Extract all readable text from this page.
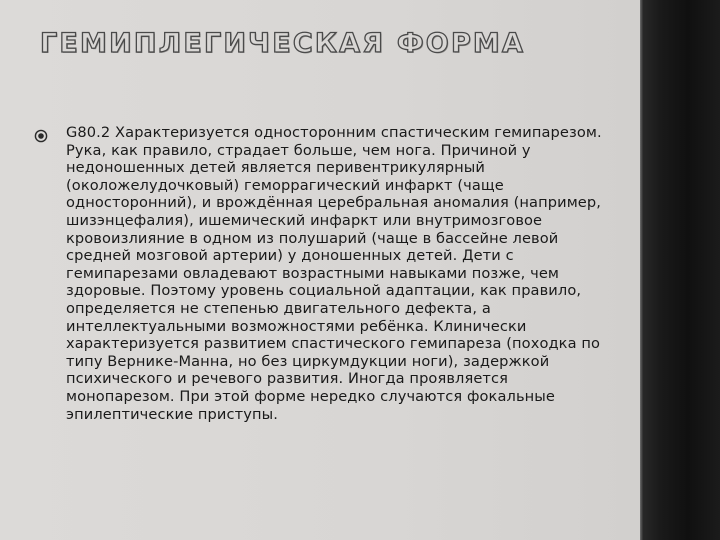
ГЕМИПЛЕГИЧЕСКАЯ ФОРМА

G80.2 Характеризуется односторонним спастическим гемипарезом. Рука, как правило, страдает больше, чем нога. Причиной у недоношенных детей является перивентрикулярный (околожелудочковый) геморрагический инфаркт (чаще односторонний), и врождённая церебральная аномалия (например, шизэнцефалия), ишемический инфаркт или внутримозговое кровоизлияние в одном из полушарий (чаще в бассейне левой средней мозговой артерии) у доношенных детей. Дети с гемипарезами овладевают возрастными навыками позже, чем здоровые. Поэтому уровень социальной адаптации, как правило, определяется не степенью двигательного дефекта, а интеллектуальными возможностями ребёнка. Клинически характеризуется развитием спастического гемипареза (походка по типу Вернике-Манна, но без циркумдукции ноги), задержкой психического и речевого развития. Иногда проявляется монопарезом. При этой форме нередко случаются фокальные эпилептические приступы.
